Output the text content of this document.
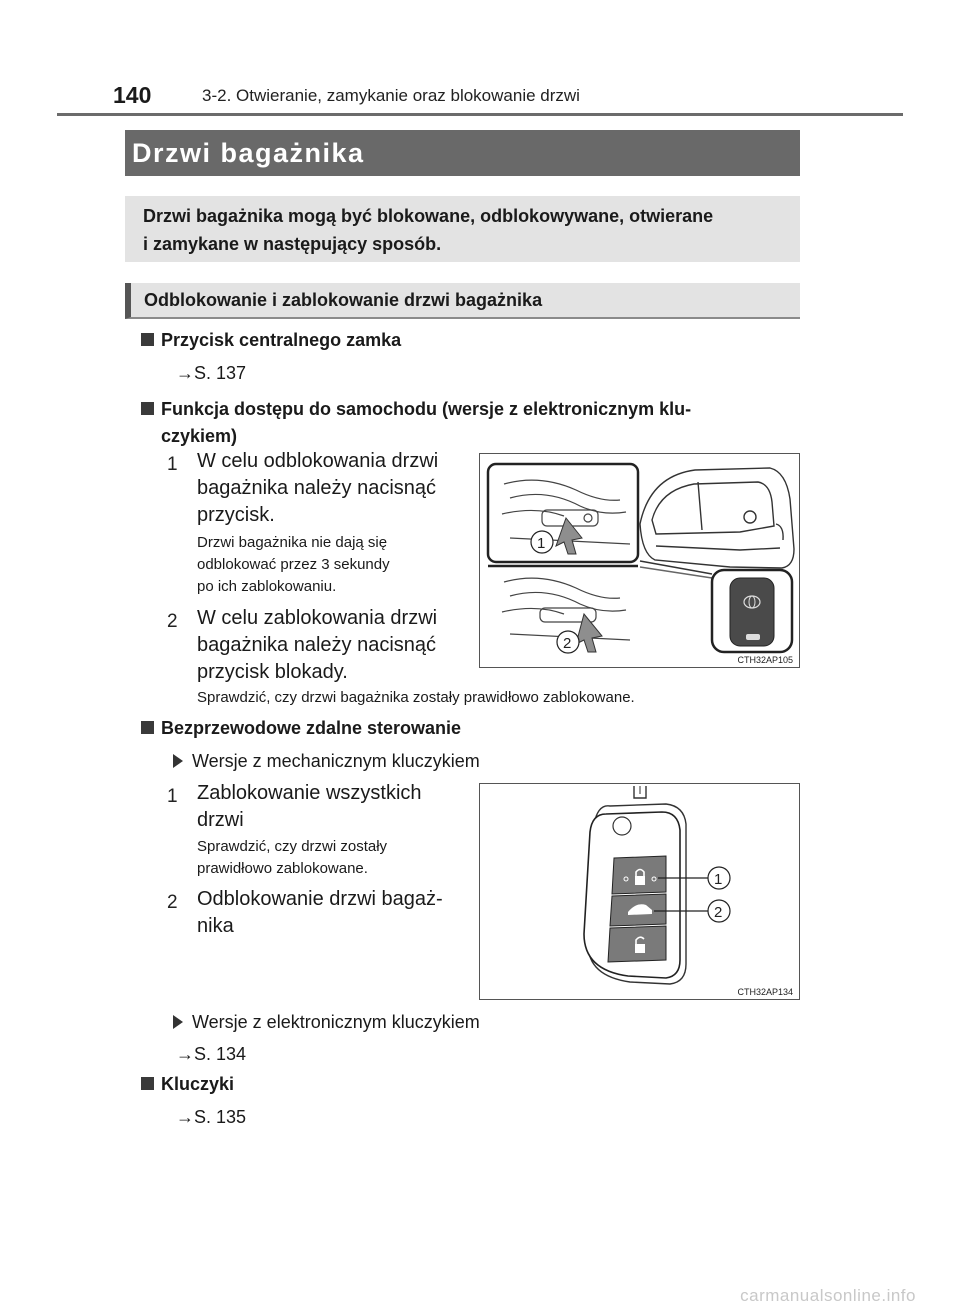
140	3-2. Otwieranie, zamykanie oraz blokowanie drzwi
Drzwi bagażnika
Drzwi bagażnika mogą być blokowane, odblokowywane, otwierane
i zamykane w następujący sposób.
Odblokowanie i zablokowanie drzwi bagażnika
Przycisk centralnego zamka
→S. 137
Funkcja dostępu do samochodu (wersje z elektronicznym klu-
czykiem)
1 W celu odblokowania drzwi
bagażnika należy nacisnąć
przycisk.
Drzwi bagażnika nie dają się
odblokować przez 3 sekundy
po ich zablokowaniu.
2 W celu zablokowania drzwi
bagażnika należy nacisnąć
przycisk blokady.
Sprawdzić, czy drzwi bagażnika zostały prawidłowo zablokowane.
1
2
CTH32AP105
Bezprzewodowe zdalne sterowanie
Wersje z mechanicznym kluczykiem
1 Zablokowanie wszystkich
drzwi
Sprawdzić, czy drzwi zostały
prawidłowo zablokowane.
2 Odblokowanie drzwi bagaż-
nika
1
2
CTH32AP134
Wersje z elektronicznym kluczykiem
→S. 134
Kluczyki
→S. 135
carmanualsonline.info
